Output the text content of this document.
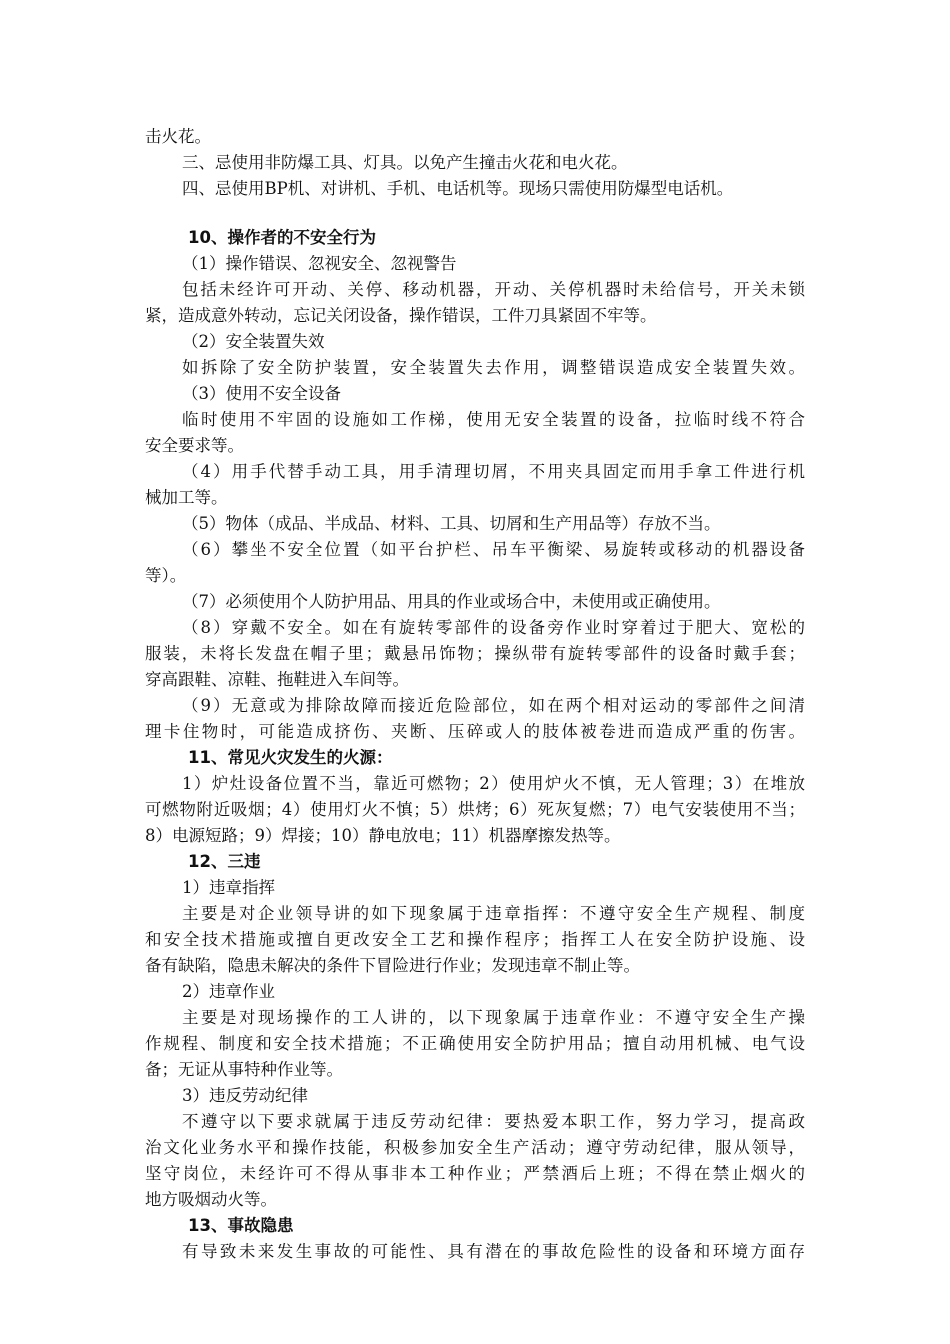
击火花。
三、忌使用非防爆工具、灯具。以免产生撞击火花和电火花。
四、忌使用BP机、对讲机、手机、电话机等。现场只需使用防爆型电话机。
10、操作者的不安全行为
（1）操作错误、忽视安全、忽视警告
包括未经许可开动、关停、移动机器，开动、关停机器时未给信号，开关未锁
紧，造成意外转动，忘记关闭设备，操作错误，工件刀具紧固不牢等。
（2）安全装置失效
如拆除了安全防护装置，安全装置失去作用，调整错误造成安全装置失效。
（3）使用不安全设备
临时使用不牢固的设施如工作梯，使用无安全装置的设备，拉临时线不符合
安全要求等。
（4）用手代替手动工具，用手清理切屑，不用夹具固定而用手拿工件进行机
械加工等。
（5）物体（成品、半成品、材料、工具、切屑和生产用品等）存放不当。
（6）攀坐不安全位置（如平台护栏、吊车平衡梁、易旋转或移动的机器设备
等）。
（7）必须使用个人防护用品、用具的作业或场合中，未使用或正确使用。
（8）穿戴不安全。如在有旋转零部件的设备旁作业时穿着过于肥大、宽松的
服装，未将长发盘在帽子里；戴悬吊饰物；操纵带有旋转零部件的设备时戴手套；
穿高跟鞋、凉鞋、拖鞋进入车间等。
（9）无意或为排除故障而接近危险部位，如在两个相对运动的零部件之间清
理卡住物时，可能造成挤伤、夹断、压碎或人的肢体被卷进而造成严重的伤害。
11、常见火灾发生的火源：
1）炉灶设备位置不当，靠近可燃物；2）使用炉火不慎，无人管理；3）在堆放
可燃物附近吸烟；4）使用灯火不慎；5）烘烤；6）死灰复燃；7）电气安装使用不当；
8）电源短路；9）焊接；10）静电放电；11）机器摩擦发热等。
12、三违
1）违章指挥
主要是对企业领导讲的如下现象属于违章指挥：不遵守安全生产规程、制度
和安全技术措施或擅自更改安全工艺和操作程序；指挥工人在安全防护设施、设
备有缺陷，隐患未解决的条件下冒险进行作业；发现违章不制止等。
2）违章作业
主要是对现场操作的工人讲的，以下现象属于违章作业：不遵守安全生产操
作规程、制度和安全技术措施；不正确使用安全防护用品；擅自动用机械、电气设
备；无证从事特种作业等。
3）违反劳动纪律
不遵守以下要求就属于违反劳动纪律：要热爱本职工作，努力学习，提高政
治文化业务水平和操作技能，积极参加安全生产活动；遵守劳动纪律，服从领导，
坚守岗位，未经许可不得从事非本工种作业；严禁酒后上班；不得在禁止烟火的
地方吸烟动火等。
13、事故隐患
有导致未来发生事故的可能性、具有潜在的事故危险性的设备和环境方面存
